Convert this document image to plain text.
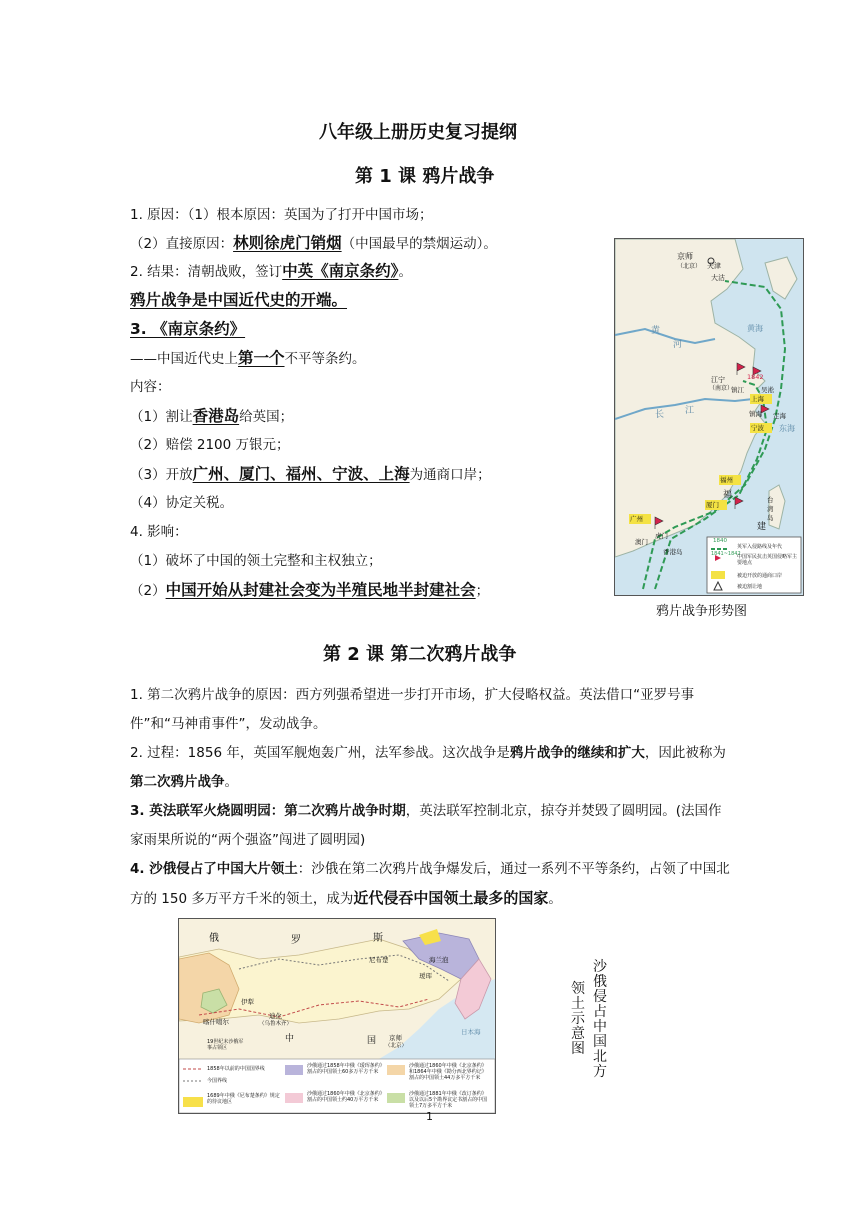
八年级上册历史复习提纲
第 1 课 鸦片战争
1. 原因：（1）根本原因：英国为了打开中国市场；
（2）直接原因：林则徐虎门销烟（中国最早的禁烟运动）。
2. 结果：清朝战败，签订中英《南京条约》。
鸦片战争是中国近代史的开端。
3. 《南京条约》
——中国近代史上第一个不平等条约。
内容：
（1）割让香港岛给英国；
（2）赔偿 2100 万银元；
（3）开放广州、厦门、福州、宁波、上海为通商口岸；
（4）协定关税。
4. 影响：
（1）破坏了中国的领土完整和主权独立；
（2）中国开始从封建社会变为半殖民地半封建社会；
京师
（北京） 天津
大沽
黄海
东海
黄
河
长 江
江宁
（南京）
镇江	吴淞
1842
上海
镇海 定海
宁波
福州
福
建
厦门
台湾岛
广州
澳门
虎门
香港岛
1840
1841~1842
英军入侵路线及年代
中国军民抗击英国侵略军主要地点
被迫开放的通商口岸
被迫割让地
鸦片战争形势图
第 2 课 第二次鸦片战争
1. 第二次鸦片战争的原因：西方列强希望进一步打开市场，扩大侵略权益。英法借口“亚罗号事件”和“马神甫事件”，发动战争。
2. 过程：1856 年，英国军舰炮轰广州，法军参战。这次战争是鸦片战争的继续和扩大，因此被称为第二次鸦片战争。
3. 英法联军火烧圆明园：第二次鸦片战争时期，英法联军控制北京，掠夺并焚毁了圆明园。(法国作家雨果所说的“两个强盗”闯进了圆明园)
4. 沙俄侵占了中国大片领土：沙俄在第二次鸦片战争爆发后，通过一系列不平等条约，占领了中国北方的 150 多万平方千米的领土，成为近代侵吞中国领土最多的国家。
俄	罗	斯
尼布楚	海兰泡
瑷珲
伊犁
喀什噶尔
迪化
（乌鲁木齐）
中	国 京师
（北京）
日本海
19世纪末沙俄军事占领区
1858年以前的中国国界线
今国界线
1689年中俄《尼布楚条约》规定的待议地区
沙俄通过1858年中俄《瑷珲条约》割占的中国领土60多万平方千米
沙俄通过1860年中俄《北京条约》割占的中国领土约40万平方千米
沙俄通过1860年中俄《北京条约》和1864年中俄《勘分西北界约记》割占的中国领土44万多平方千米
沙俄通过1881年中俄《改订条约》以及以后5个勘界议定书割占的中国领土7万多平方千米
沙俄侵占中国北方
领土示意图
1
